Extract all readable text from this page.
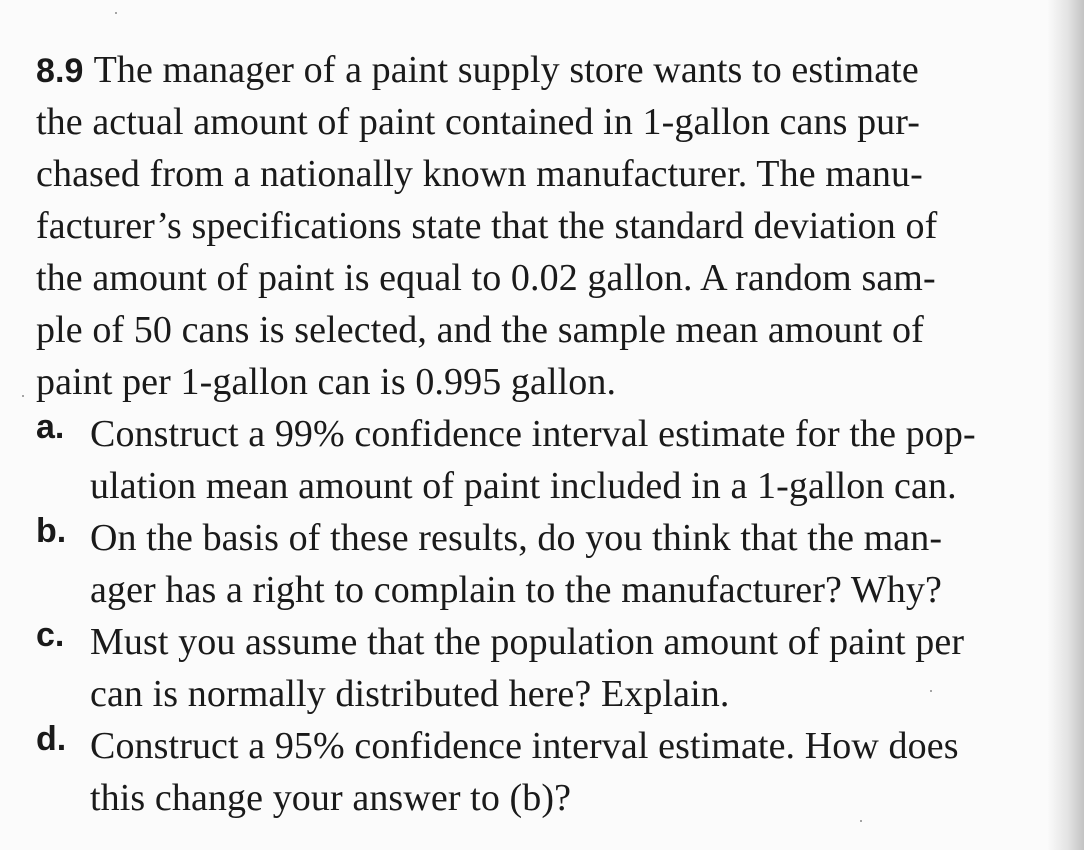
8.9 The manager of a paint supply store wants to estimate
the actual amount of paint contained in 1-gallon cans pur-
chased from a nationally known manufacturer. The manu-
facturer’s specifications state that the standard deviation of
the amount of paint is equal to 0.02 gallon. A random sam-
ple of 50 cans is selected, and the sample mean amount of
paint per 1-gallon can is 0.995 gallon.
a. Construct a 99% confidence interval estimate for the pop-
ulation mean amount of paint included in a 1-gallon can.
b. On the basis of these results, do you think that the man-
ager has a right to complain to the manufacturer? Why?
c. Must you assume that the population amount of paint per
can is normally distributed here? Explain.
d. Construct a 95% confidence interval estimate. How does
this change your answer to (b)?
